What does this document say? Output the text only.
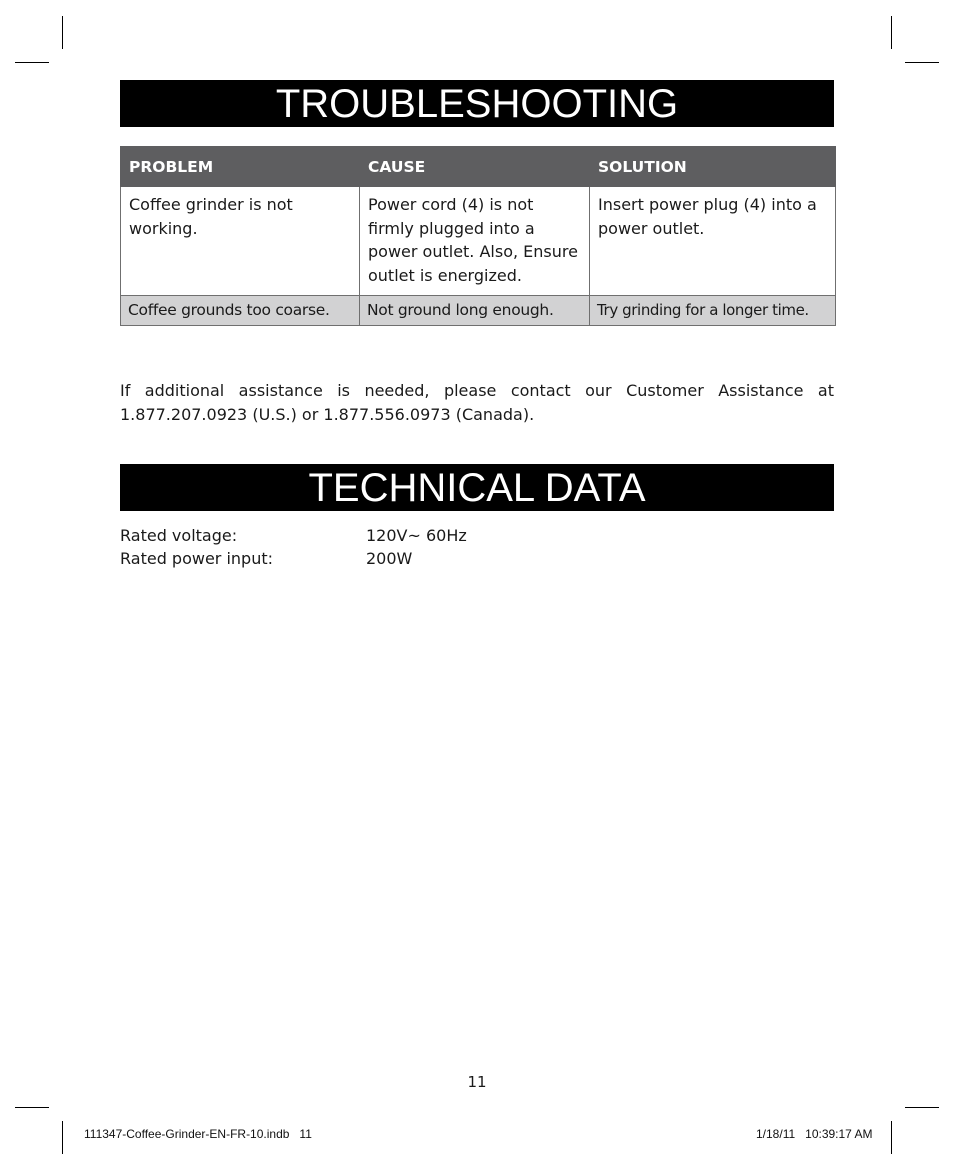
TROUBLESHOOTING
PROBLEM	CAUSE	SOLUTION
Coffee grinder is not working.	Power cord (4) is not firmly plugged into a power outlet. Also, Ensure outlet is energized.	Insert power plug (4) into a power outlet.
Coffee grounds too coarse.	Not ground long enough.	Try grinding for a longer time.
If additional assistance is needed, please contact our Customer Assistance at 1.877.207.0923 (U.S.) or 1.877.556.0973 (Canada).
TECHNICAL DATA
Rated voltage:	120V~ 60Hz
Rated power input:	200W
11
111347-Coffee-Grinder-EN-FR-10.indb   11	1/18/11   10:39:17 AM
